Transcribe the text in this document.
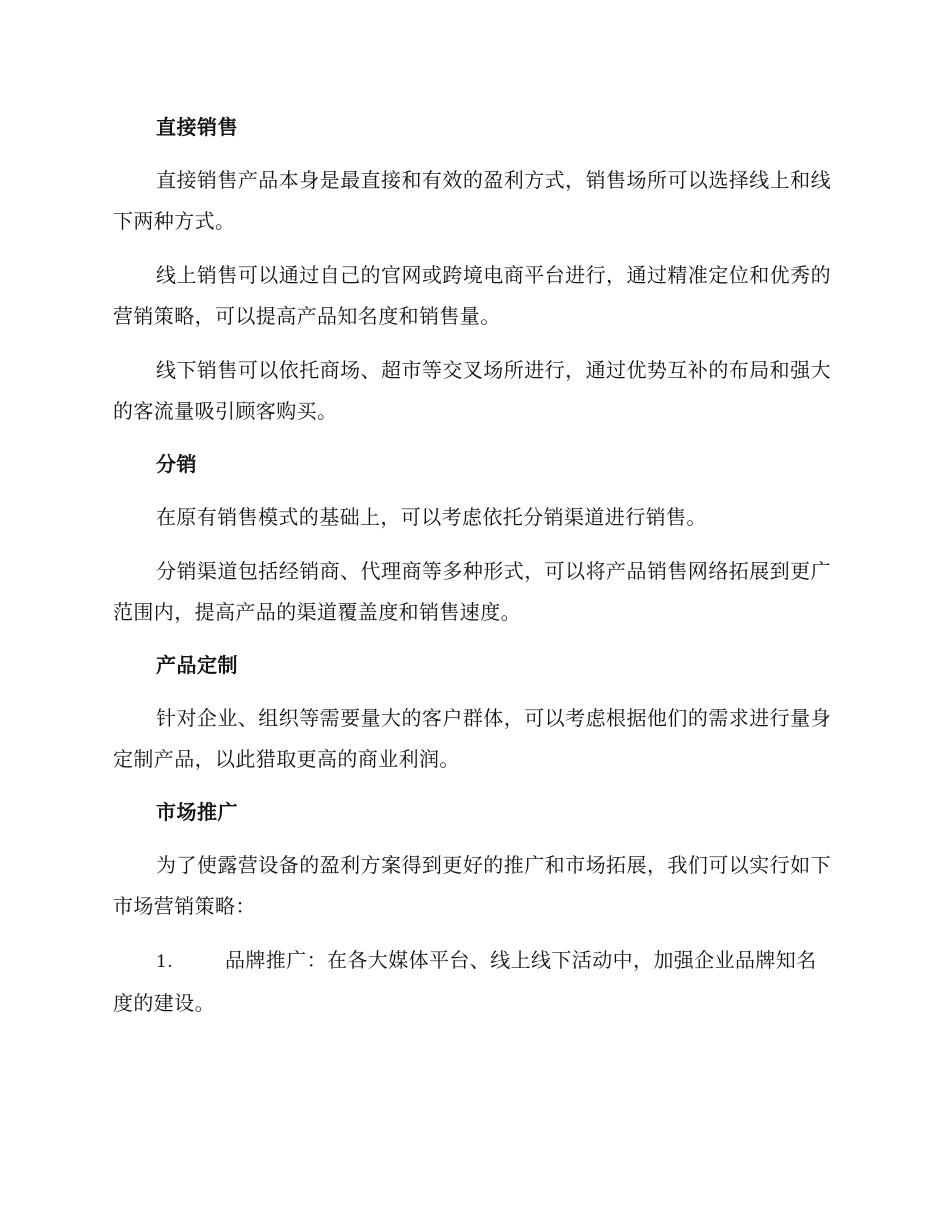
直接销售

直接销售产品本身是最直接和有效的盈利方式，销售场所可以选择线上和线下两种方式。

线上销售可以通过自己的官网或跨境电商平台进行，通过精准定位和优秀的营销策略，可以提高产品知名度和销售量。

线下销售可以依托商场、超市等交叉场所进行，通过优势互补的布局和强大的客流量吸引顾客购买。

分销

在原有销售模式的基础上，可以考虑依托分销渠道进行销售。

分销渠道包括经销商、代理商等多种形式，可以将产品销售网络拓展到更广范围内，提高产品的渠道覆盖度和销售速度。

产品定制

针对企业、组织等需要量大的客户群体，可以考虑根据他们的需求进行量身定制产品，以此猎取更高的商业利润。

市场推广

为了使露营设备的盈利方案得到更好的推广和市场拓展，我们可以实行如下市场营销策略：

1.	品牌推广：在各大媒体平台、线上线下活动中，加强企业品牌知名度的建设。
